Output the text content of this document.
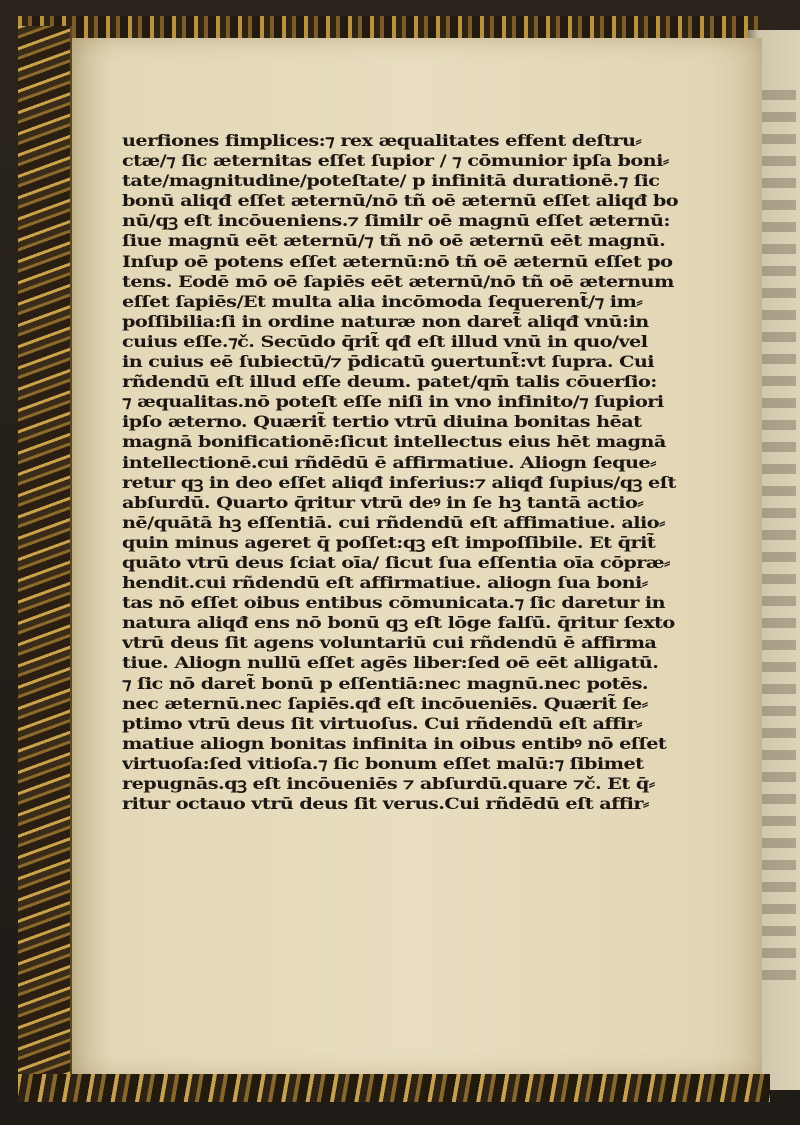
uerfiones fimplices:⁊ rex æqualitates effent deſtru⸗
ctæ/⁊ ſic æternitas eſſet ſupior / ⁊ cōmunior ipſa boni⸗
tate/magnitudine/poteſtate/ p infinitā durationē.⁊ ſic
bonū aliqđ eſſet æternū/nō tñ oē æternū eſſet aliqđ bo
nū/qꝫ eſt incōueniens.⁊ ſimilr oē magnū eſſet æternū:
ſiue magnū eēt æternū/⁊ tñ nō oē æternū eēt magnū.
Inſup oē potens eſſet æternū:nō tñ oē æternū eſſet po
tens. Eodē mō oē ſapiēs eēt æternū/nō tñ oē æternum
eſſet ſapiēs/Et multa alia incōmoda ſequerent̃/⁊ im⸗
poſſibilia:ſi in ordine naturæ non daret̃ aliqđ vnū:in
cuius eſſe.⁊č. Secūdo q̄rit̃ qđ eſt illud vnū in quo/vel
in cuius eē ſubiectū/⁊ p̄dicatū ꝯuertunt̃:vt ſupra. Cui
rñdendū eſt illud eſſe deum. patet/qm̄ talis cōuerſio:
⁊ æqualitas.nō poteſt eſſe niſi in vno infinito/⁊ ſupiori
ipſo æterno. Quærit̃ tertio vtrū diuina bonitas hēat
magnā bonificationē:ſicut intellectus eius hēt magnā
intellectionē.cui rñdēdū ē affirmatiue. Aliogn ſeque⸗
retur qꝫ in deo eſſet aliqđ inferius:⁊ aliqđ ſupius/qꝫ eſt
abſurdū. Quarto q̄ritur vtrū deꝰ in ſe hꝫ tantā actio⸗
nē/quātā hꝫ eſſentiā. cui rñdendū eſt affimatiue. alio⸗
quin minus ageret q̄ poſſet:qꝫ eſt impoſſibile. Et q̄rit̃
quāto vtrū deus ſciat oīa/ ſicut ſua eſſentia oīa cōpræ⸗
hendit.cui rñdendū eſt affirmatiue. aliogn ſua boni⸗
tas nō eſſet oibus entibus cōmunicata.⁊ ſic daretur in
natura aliqđ ens nō bonū qꝫ eſt lōge falſū. q̄ritur ſexto
vtrū deus ſit agens voluntariū cui rñdendū ē affirma
tiue. Aliogn nullū eſſet agēs liber:ſed oē eēt alligatū.
⁊ ſic nō daret̃ bonū p eſſentiā:nec magnū.nec potēs.
nec æternū.nec ſapiēs.qđ eſt incōueniēs. Quærit̃ ſe⸗
ptimo vtrū deus ſit virtuoſus. Cui rñdendū eſt affir⸗
matiue aliogn bonitas infinita in oibus entibꝰ nō eſſet
virtuoſa:ſed vitioſa.⁊ ſic bonum eſſet malū:⁊ ſibimet
repugnās.qꝫ eſt incōueniēs ⁊ abſurdū.quare ⁊č. Et q̄⸗
ritur octauo vtrū deus ſit verus.Cui rñdēdū eſt affir⸗
